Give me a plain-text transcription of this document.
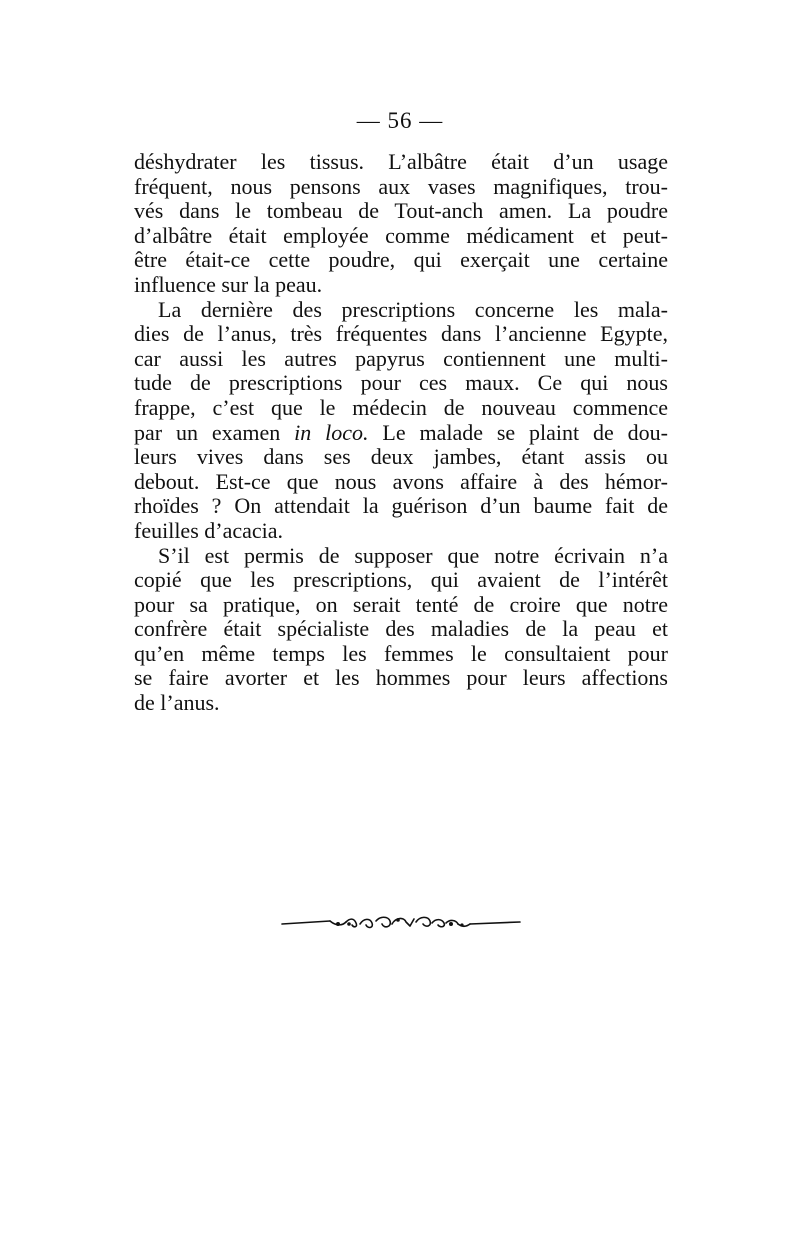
— 56 —
déshydrater les tissus. L’albâtre était d’un usage
fréquent, nous pensons aux vases magnifiques, trou-
vés dans le tombeau de Tout-anch amen. La poudre
d’albâtre était employée comme médicament et peut-
être était-ce cette poudre, qui exerçait une certaine
influence sur la peau.
La dernière des prescriptions concerne les mala-
dies de l’anus, très fréquentes dans l’ancienne Egypte,
car aussi les autres papyrus contiennent une multi-
tude de prescriptions pour ces maux. Ce qui nous
frappe, c’est que le médecin de nouveau commence
par un examen in loco. Le malade se plaint de dou-
leurs vives dans ses deux jambes, étant assis ou
debout. Est-ce que nous avons affaire à des hémor-
rhoïdes ? On attendait la guérison d’un baume fait de
feuilles d’acacia.
S’il est permis de supposer que notre écrivain n’a
copié que les prescriptions, qui avaient de l’intérêt
pour sa pratique, on serait tenté de croire que notre
confrère était spécialiste des maladies de la peau et
qu’en même temps les femmes le consultaient pour
se faire avorter et les hommes pour leurs affections
de l’anus.
